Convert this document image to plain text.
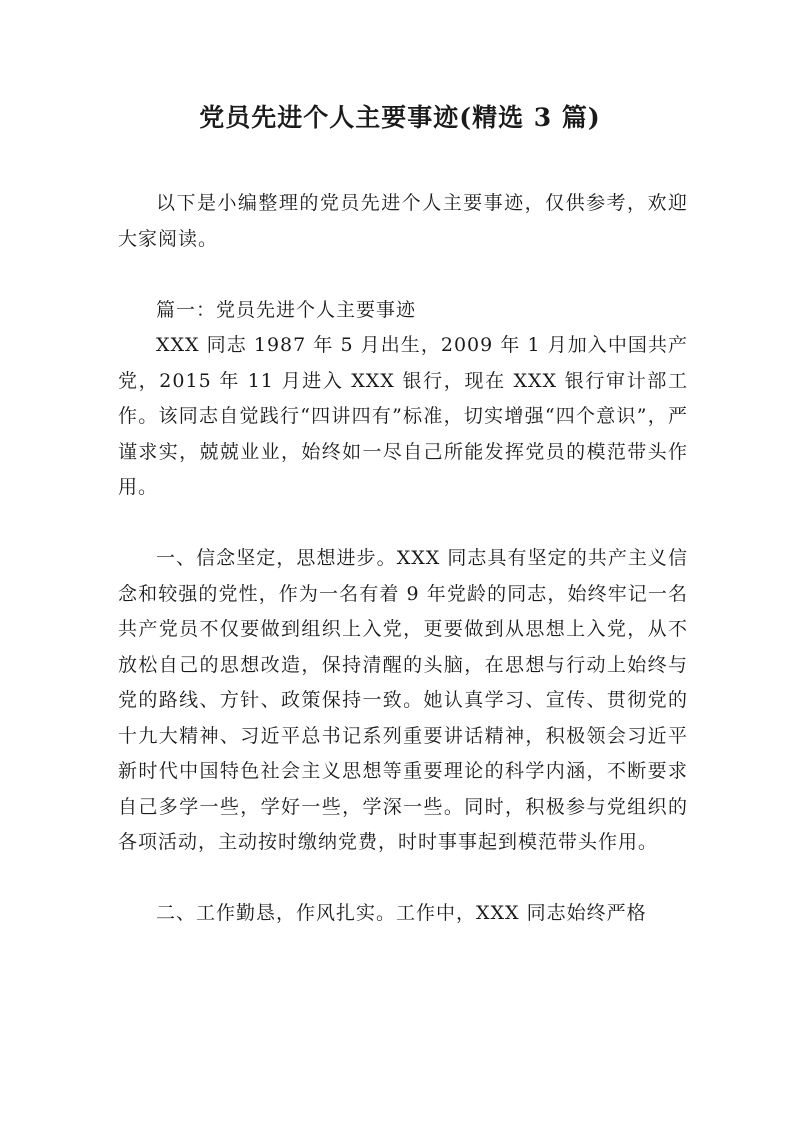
党员先进个人主要事迹(精选 3 篇)

以下是小编整理的党员先进个人主要事迹，仅供参考，欢迎大家阅读。

篇一：党员先进个人主要事迹

XXX 同志 1987 年 5 月出生，2009 年 1 月加入中国共产党，2015 年 11 月进入 XXX 银行，现在 XXX 银行审计部工作。该同志自觉践行“四讲四有”标准，切实增强“四个意识”，严谨求实，兢兢业业，始终如一尽自己所能发挥党员的模范带头作用。

一、信念坚定，思想进步。XXX 同志具有坚定的共产主义信念和较强的党性，作为一名有着 9 年党龄的同志，始终牢记一名共产党员不仅要做到组织上入党，更要做到从思想上入党，从不放松自己的思想改造，保持清醒的头脑，在思想与行动上始终与党的路线、方针、政策保持一致。她认真学习、宣传、贯彻党的十九大精神、习近平总书记系列重要讲话精神，积极领会习近平新时代中国特色社会主义思想等重要理论的科学内涵，不断要求自己多学一些，学好一些，学深一些。同时，积极参与党组织的各项活动，主动按时缴纳党费，时时事事起到模范带头作用。

二、工作勤恳，作风扎实。工作中，XXX 同志始终严格
